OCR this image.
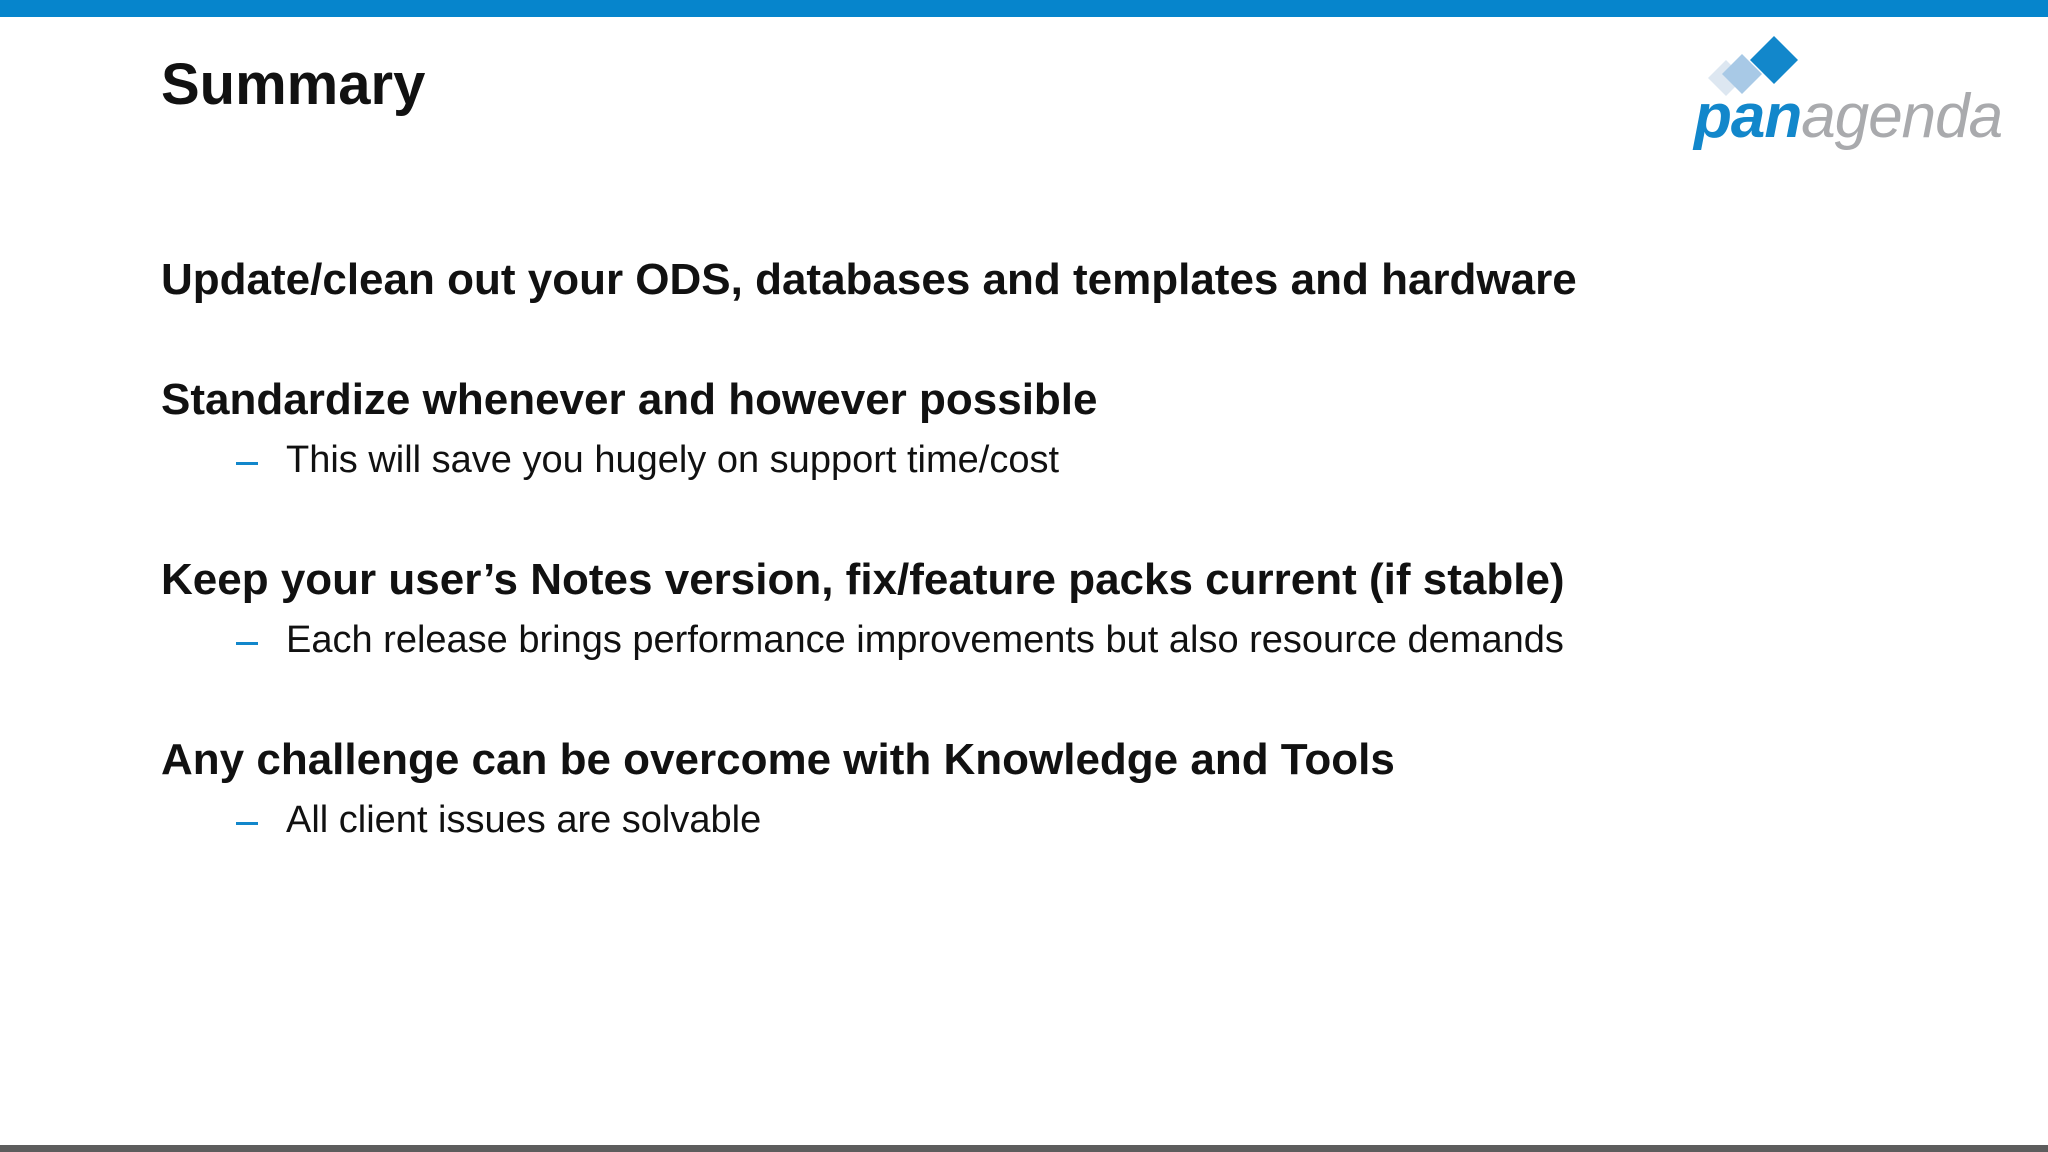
Summary	panagenda
Update/clean out your ODS, databases and templates and hardware
Standardize whenever and however possible
This will save you hugely on support time/cost
Keep your user’s Notes version, fix/feature packs current (if stable)
Each release brings performance improvements but also resource demands
Any challenge can be overcome with Knowledge and Tools
All client issues are solvable
